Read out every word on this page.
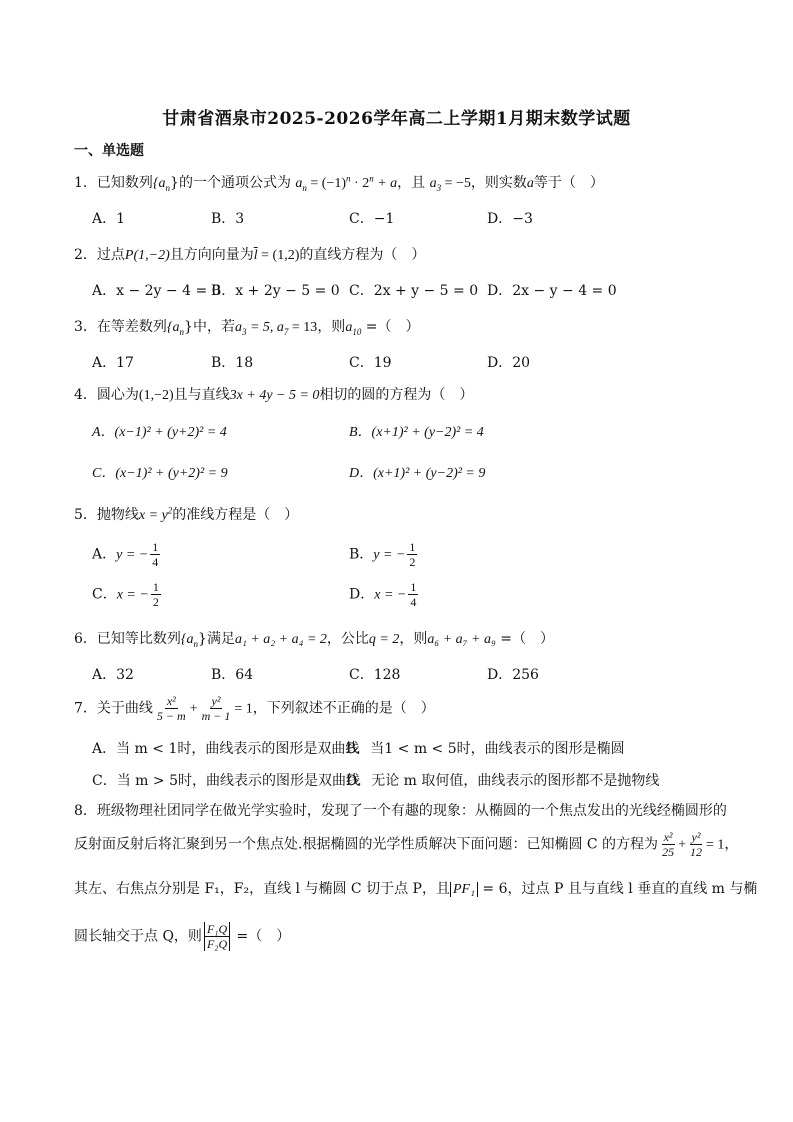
甘肃省酒泉市2025-2026学年高二上学期1月期末数学试题
一、单选题
1．已知数列$\{a_n\}$的一个通项公式为 $a_n = (-1)^n \cdot 2^n + a$，且 $a_3 = -5$，则实数a等于（　）
A．1	B．3	C．−1	D．−3
2．过点P(1,−2)且方向向量为$\overline{l} = (1,2)$的直线方程为（　）
A．x − 2y − 4 = 0
B．x + 2y − 5 = 0 C．2x + y − 5 = 0 D．2x − y − 4 = 0
3．在等差数列$\{a_n\}$中，若$a_3 = 5$, $a_7 = 13$，则$a_{10}$ =（　）
A．17	B．18	C．19	D．20
4．圆心为(1,−2)且与直线3x + 4y − 5 = 0相切的圆的方程为（　）
A．(x−1)² + (y+2)² = 4	B．(x+1)² + (y−2)² = 4
C．(x−1)² + (y+2)² = 9	D．(x+1)² + (y−2)² = 9
5．抛物线$x = y^2$的准线方程是（　）
A．y = − $\frac{1}{4}$	B．y = − $\frac{1}{2}$
C．x = − $\frac{1}{2}$	D．x = − $\frac{1}{4}$
6．已知等比数列$\{a_n\}$满足a₁ + a₂ + a₄ = 2，公比q = 2，则a₆ + a₇ + a₉ =（　）
A．32	B．64	C．128	D．256
7．关于曲线 $\frac{\text{x²}}{5 - m} + \frac{\text{y²}}{m - 1} = 1$，下列叙述不正确的是（　）
A．当 m < 1时，曲线表示的图形是双曲线
B．当1 < m < 5时，曲线表示的图形是椭圆
C．当 m > 5时，曲线表示的图形是双曲线
D．无论 m 取何值，曲线表示的图形都不是抛物线
8．班级物理社团同学在做光学实验时，发现了一个有趣的现象：从椭圆的一个焦点发出的光线经椭圆形的
反射面反射后将汇聚到另一个焦点处.根据椭圆的光学性质解决下面问题：已知椭圆 C 的方程为 $\frac{\text{x²}}{25} + \frac{\text{y²}}{12} = 1$，
其左、右焦点分别是 F₁，F₂，直线 l 与椭圆 C 切于点 P，且 PF₁ = 6，过点 P 且与直线 l 垂直的直线 m 与椭
圆长轴交于点 Q，则 $\frac{\text{F₁Q}}{\text{F₂Q}}$ =（　）
